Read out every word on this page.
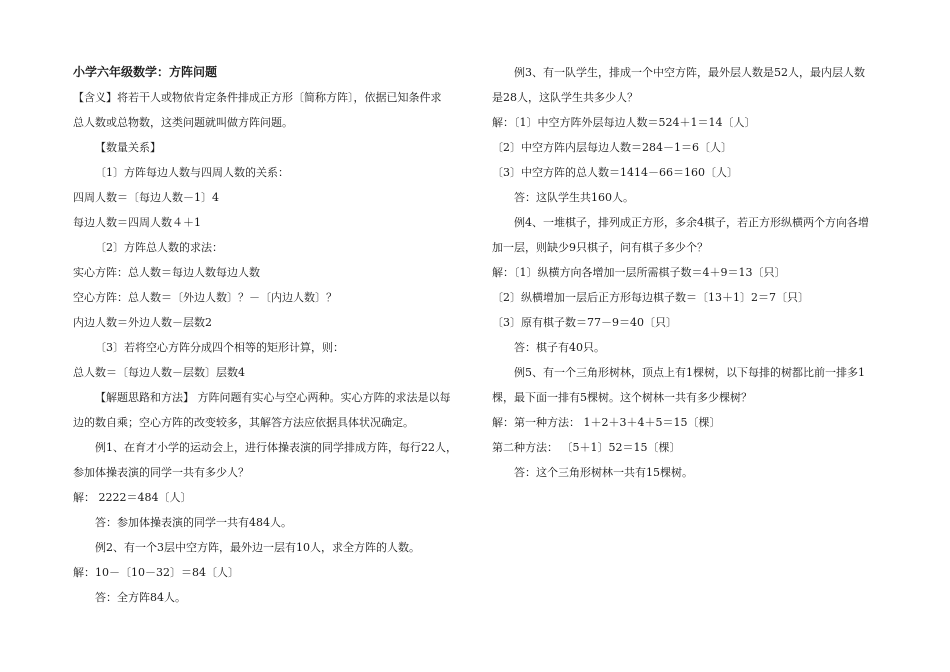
小学六年级数学：方阵问题
【含义】将若干人或物依肯定条件排成正方形〔简称方阵〕，依据已知条件求
总人数或总物数，这类问题就叫做方阵问题。
【数量关系】
〔1〕方阵每边人数与四周人数的关系：
四周人数＝〔每边人数－1〕4
每边人数＝四周人数４＋1
〔2〕方阵总人数的求法：
实心方阵：总人数＝每边人数每边人数
空心方阵：总人数＝〔外边人数〕？－〔内边人数〕？
内边人数＝外边人数－层数2
〔3〕若将空心方阵分成四个相等的矩形计算，则：
总人数＝〔每边人数－层数〕层数4
【解题思路和方法】 方阵问题有实心与空心两种。实心方阵的求法是以每
边的数自乘；空心方阵的改变较多，其解答方法应依据具体状况确定。
例1、在育才小学的运动会上，进行体操表演的同学排成方阵，每行22人，
参加体操表演的同学一共有多少人？
解： 2222＝484〔人〕
答：参加体操表演的同学一共有484人。
例2、有一个3层中空方阵，最外边一层有10人，求全方阵的人数。
解：10－〔10－32〕＝84〔人〕
答：全方阵84人。
例3、有一队学生，排成一个中空方阵，最外层人数是52人，最内层人数
是28人，这队学生共多少人？
解：〔1〕中空方阵外层每边人数＝524＋1＝14〔人〕
〔2〕中空方阵内层每边人数＝284－1＝6〔人〕
〔3〕中空方阵的总人数＝1414－66＝160〔人〕
答：这队学生共160人。
例4、一堆棋子，排列成正方形，多余4棋子，若正方形纵横两个方向各增
加一层，则缺少9只棋子，问有棋子多少个？
解：〔1〕纵横方向各增加一层所需棋子数＝4＋9＝13〔只〕
〔2〕纵横增加一层后正方形每边棋子数＝〔13＋1〕2＝7〔只〕
〔3〕原有棋子数＝77－9＝40〔只〕
答：棋子有40只。
例5、有一个三角形树林，顶点上有1棵树，以下每排的树都比前一排多1
棵，最下面一排有5棵树。这个树林一共有多少棵树？
解：第一种方法： 1＋2＋3＋4＋5＝15〔棵〕
第二种方法： 〔5＋1〕52＝15〔棵〕
答：这个三角形树林一共有15棵树。
